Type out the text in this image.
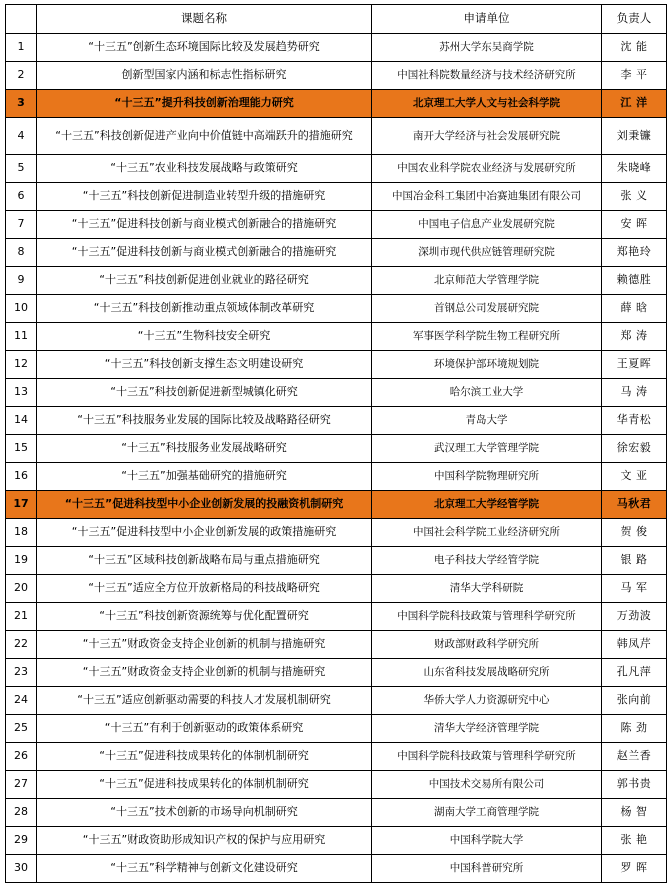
	课题名称	申请单位	负责人
1	“十三五”创新生态环境国际比较及发展趋势研究	苏州大学东吴商学院	沈 能
2	创新型国家内涵和标志性指标研究	中国社科院数量经济与技术经济研究所	李 平
3	“十三五”提升科技创新治理能力研究	北京理工大学人文与社会科学院	江 洋
4	“十三五”科技创新促进产业向中价值链中高端跃升的措施研究	南开大学经济与社会发展研究院	刘秉镰
5	“十三五”农业科技发展战略与政策研究	中国农业科学院农业经济与发展研究所	朱晓峰
6	“十三五”科技创新促进制造业转型升级的措施研究	中国冶金科工集团中冶赛迪集团有限公司	张 义
7	“十三五”促进科技创新与商业模式创新融合的措施研究	中国电子信息产业发展研究院	安 晖
8	“十三五”促进科技创新与商业模式创新融合的措施研究	深圳市现代供应链管理研究院	郑艳玲
9	“十三五”科技创新促进创业就业的路径研究	北京师范大学管理学院	赖德胜
10	“十三五”科技创新推动重点领域体制改革研究	首钢总公司发展研究院	薛 晗
11	“十三五”生物科技安全研究	军事医学科学院生物工程研究所	郑 涛
12	“十三五”科技创新支撑生态文明建设研究	环境保护部环境规划院	王夏晖
13	“十三五”科技创新促进新型城镇化研究	哈尔滨工业大学	马 涛
14	“十三五”科技服务业发展的国际比较及战略路径研究	青岛大学	华青松
15	“十三五”科技服务业发展战略研究	武汉理工大学管理学院	徐宏毅
16	“十三五”加强基础研究的措施研究	中国科学院物理研究所	文 亚
17	“十三五”促进科技型中小企业创新发展的投融资机制研究	北京理工大学经管学院	马秋君
18	“十三五”促进科技型中小企业创新发展的政策措施研究	中国社会科学院工业经济研究所	贺 俊
19	“十三五”区域科技创新战略布局与重点措施研究	电子科技大学经管学院	银 路
20	“十三五”适应全方位开放新格局的科技战略研究	清华大学科研院	马 军
21	“十三五”科技创新资源统筹与优化配置研究	中国科学院科技政策与管理科学研究所	万劲波
22	“十三五”财政资金支持企业创新的机制与措施研究	财政部财政科学研究所	韩凤芹
23	“十三五”财政资金支持企业创新的机制与措施研究	山东省科技发展战略研究所	孔凡萍
24	“十三五”适应创新驱动需要的科技人才发展机制研究	华侨大学人力资源研究中心	张向前
25	“十三五”有利于创新驱动的政策体系研究	清华大学经济管理学院	陈 劲
26	“十三五”促进科技成果转化的体制机制研究	中国科学院科技政策与管理科学研究所	赵兰香
27	“十三五”促进科技成果转化的体制机制研究	中国技术交易所有限公司	郭书贵
28	“十三五”技术创新的市场导向机制研究	湖南大学工商管理学院	杨 智
29	“十三五”财政资助形成知识产权的保护与应用研究	中国科学院大学	张 艳
30	“十三五”科学精神与创新文化建设研究	中国科普研究所	罗 晖
